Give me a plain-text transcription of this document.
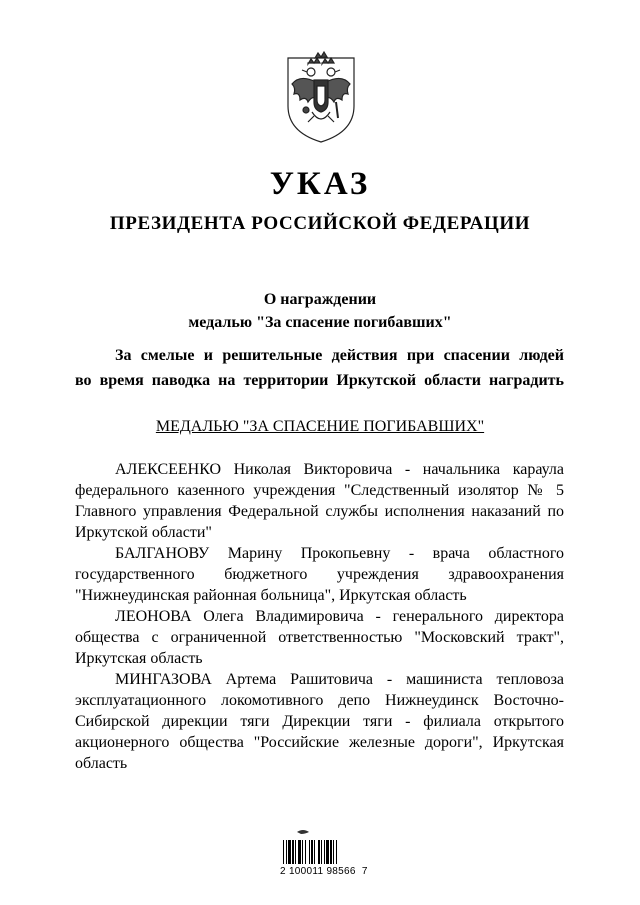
УКАЗ
ПРЕЗИДЕНТА РОССИЙСКОЙ ФЕДЕРАЦИИ
О награждении
медалью "За спасение погибавших"
За смелые и решительные действия при спасении людей
во время паводка на территории Иркутской области наградить
МЕДАЛЬЮ "ЗА СПАСЕНИЕ ПОГИБАВШИХ"

АЛЕКСЕЕНКО Николая Викторовича - начальника караула федерального казенного учреждения "Следственный изолятор № 5 Главного управления Федеральной службы исполнения наказаний по Иркутской области"

БАЛГАНОВУ Марину Прокопьевну - врача областного государственного бюджетного учреждения здравоохранения "Нижнеудинская районная больница", Иркутская область

ЛЕОНОВА Олега Владимировича - генерального директора общества с ограниченной ответственностью "Московский тракт", Иркутская область

МИНГАЗОВА Артема Рашитовича - машиниста тепловоза эксплуатационного локомотивного депо Нижнеудинск Восточно-Сибирской дирекции тяги Дирекции тяги - филиала открытого акционерного общества "Российские железные дороги", Иркутская область

2 100011 98566  7
